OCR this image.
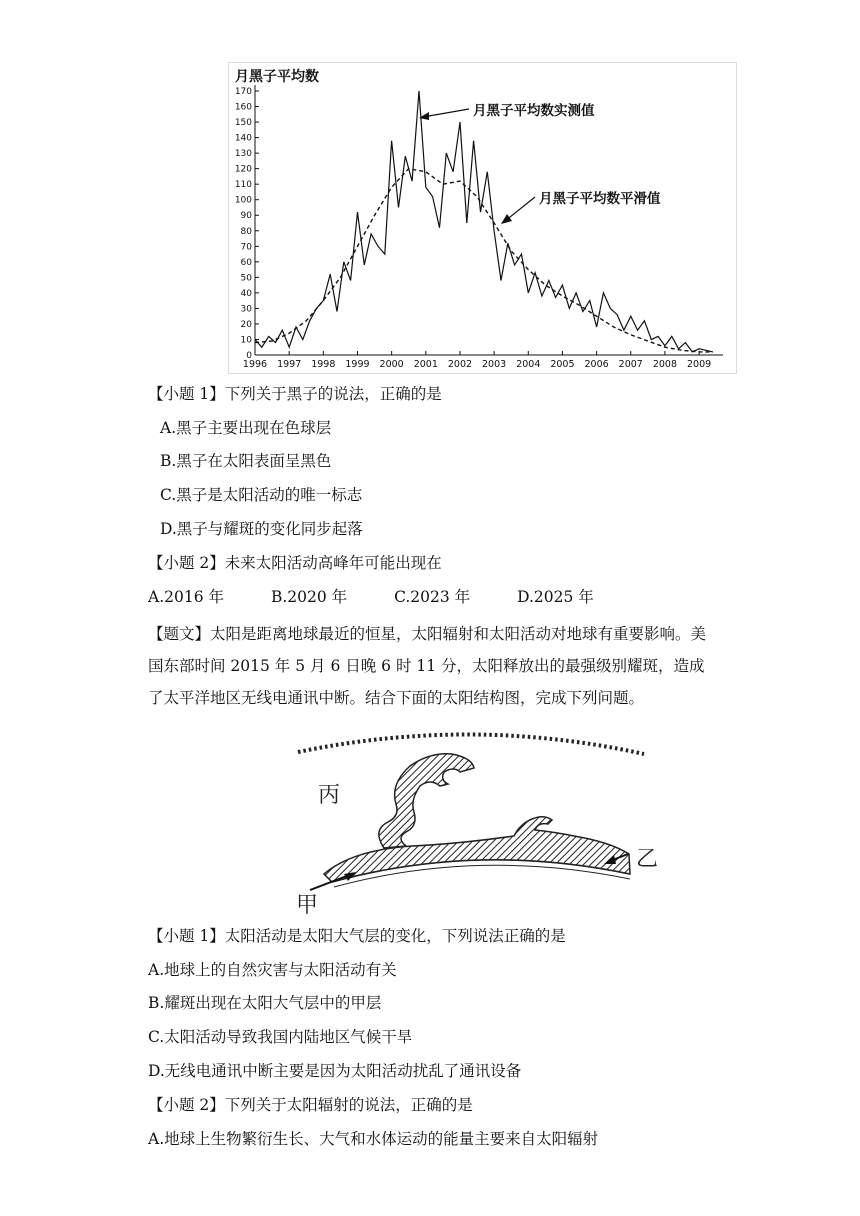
月黑子平均数
0
10
20
30
40
50
60
70
80
90
100
110
120
130
140
150
160
170
1996 1997 1998 1999 2000 2001 2002 2003 2004 2005 2006 2007 2008 2009
月黑子平均数实测值
月黑子平均数平滑值
【小题 1】下列关于黑子的说法，正确的是
A.黑子主要出现在色球层
B.黑子在太阳表面呈黑色
C.黑子是太阳活动的唯一标志
D.黑子与耀斑的变化同步起落
【小题 2】未来太阳活动高峰年可能出现在
A.2016 年	B.2020 年	C.2023 年	D.2025 年
【题文】太阳是距离地球最近的恒星，太阳辐射和太阳活动对地球有重要影响。美国东部时间 2015 年 5 月 6 日晚 6 时 11 分，太阳释放出的最强级别耀斑，造成了太平洋地区无线电通讯中断。结合下面的太阳结构图，完成下列问题。
丙
乙
甲
【小题 1】太阳活动是太阳大气层的变化，下列说法正确的是
A.地球上的自然灾害与太阳活动有关
B.耀斑出现在太阳大气层中的甲层
C.太阳活动导致我国内陆地区气候干旱
D.无线电通讯中断主要是因为太阳活动扰乱了通讯设备
【小题 2】下列关于太阳辐射的说法，正确的是
A.地球上生物繁衍生长、大气和水体运动的能量主要来自太阳辐射
